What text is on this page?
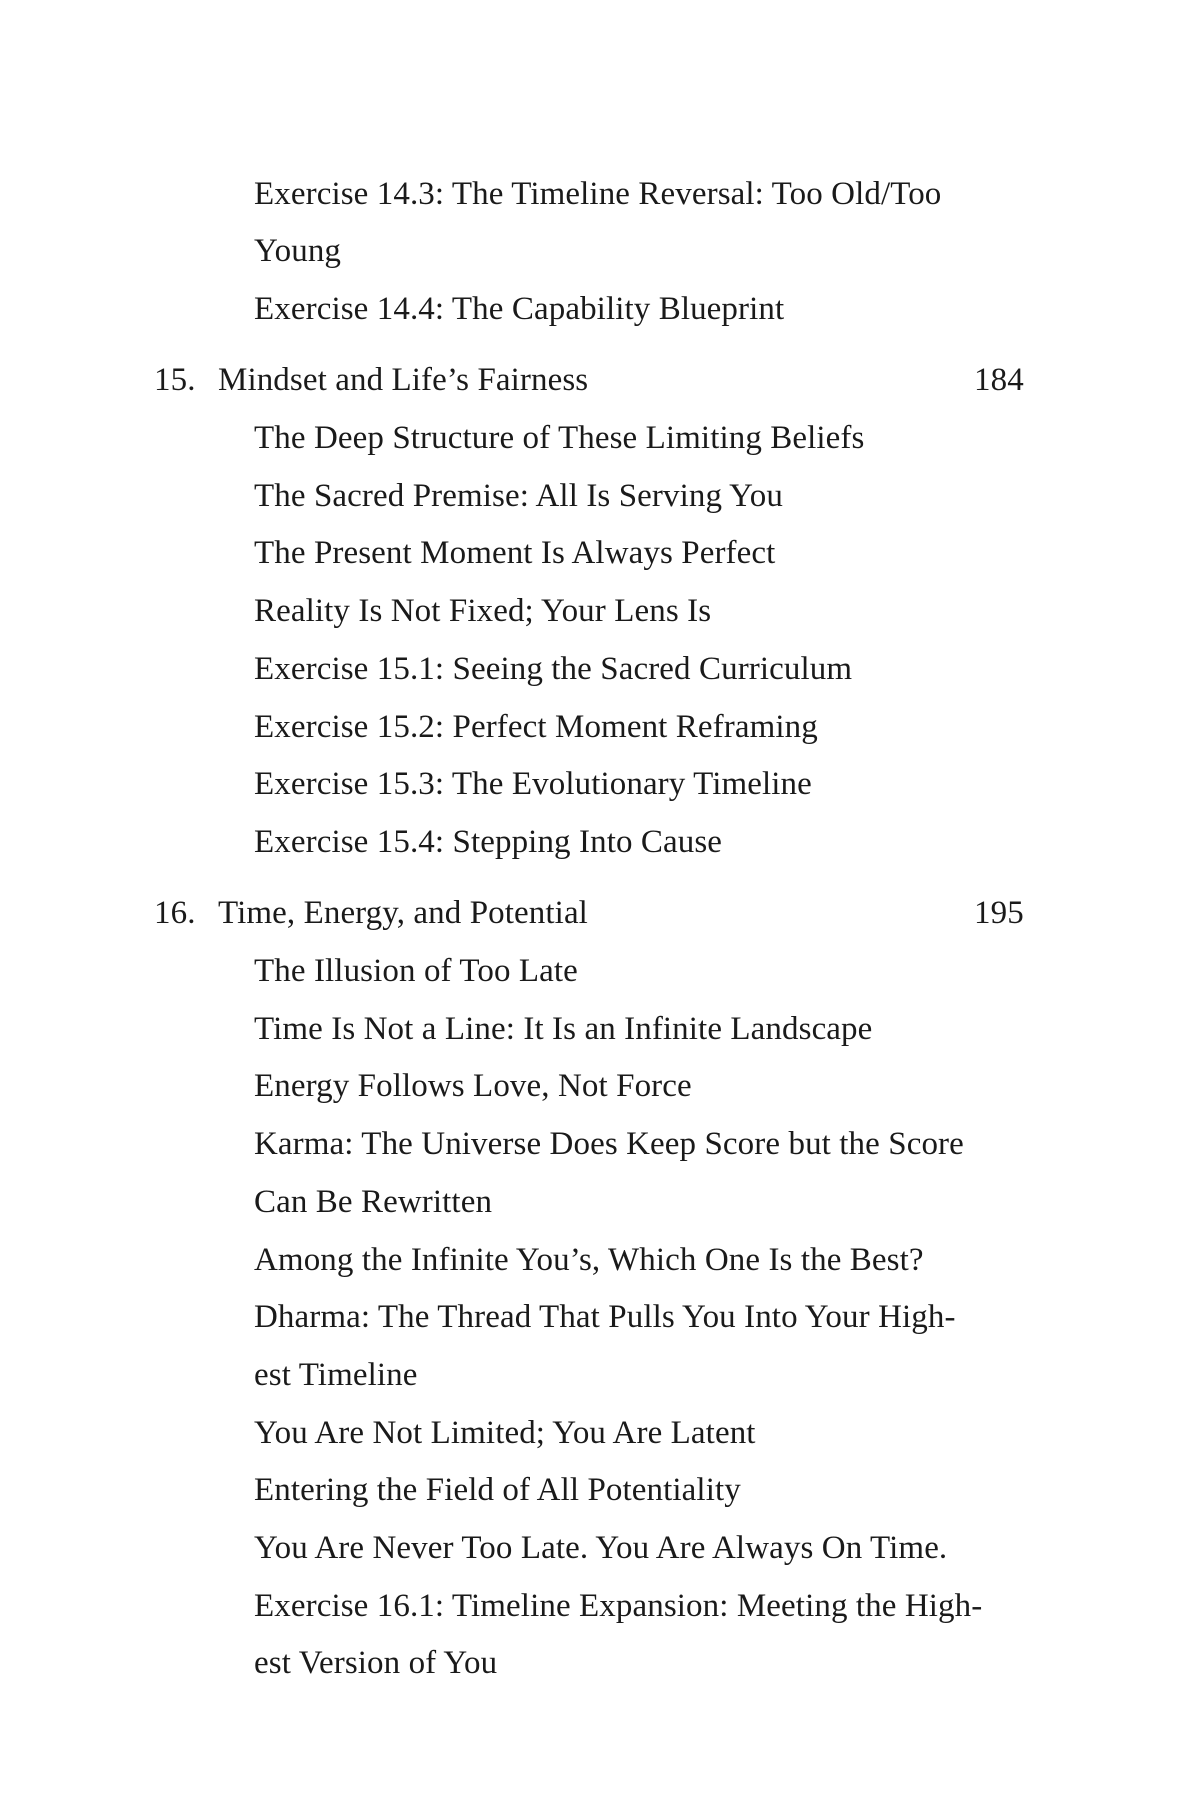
Exercise 14.3: The Timeline Reversal: Too Old/Too
Young
Exercise 14.4: The Capability Blueprint
15. Mindset and Life’s Fairness	184
The Deep Structure of These Limiting Beliefs
The Sacred Premise: All Is Serving You
The Present Moment Is Always Perfect
Reality Is Not Fixed; Your Lens Is
Exercise 15.1: Seeing the Sacred Curriculum
Exercise 15.2: Perfect Moment Reframing
Exercise 15.3: The Evolutionary Timeline
Exercise 15.4: Stepping Into Cause
16. Time, Energy, and Potential	195
The Illusion of Too Late
Time Is Not a Line: It Is an Infinite Landscape
Energy Follows Love, Not Force
Karma: The Universe Does Keep Score but the Score
Can Be Rewritten
Among the Infinite You’s, Which One Is the Best?
Dharma: The Thread That Pulls You Into Your High-
est Timeline
You Are Not Limited; You Are Latent
Entering the Field of All Potentiality
You Are Never Too Late. You Are Always On Time.
Exercise 16.1: Timeline Expansion: Meeting the High-
est Version of You
